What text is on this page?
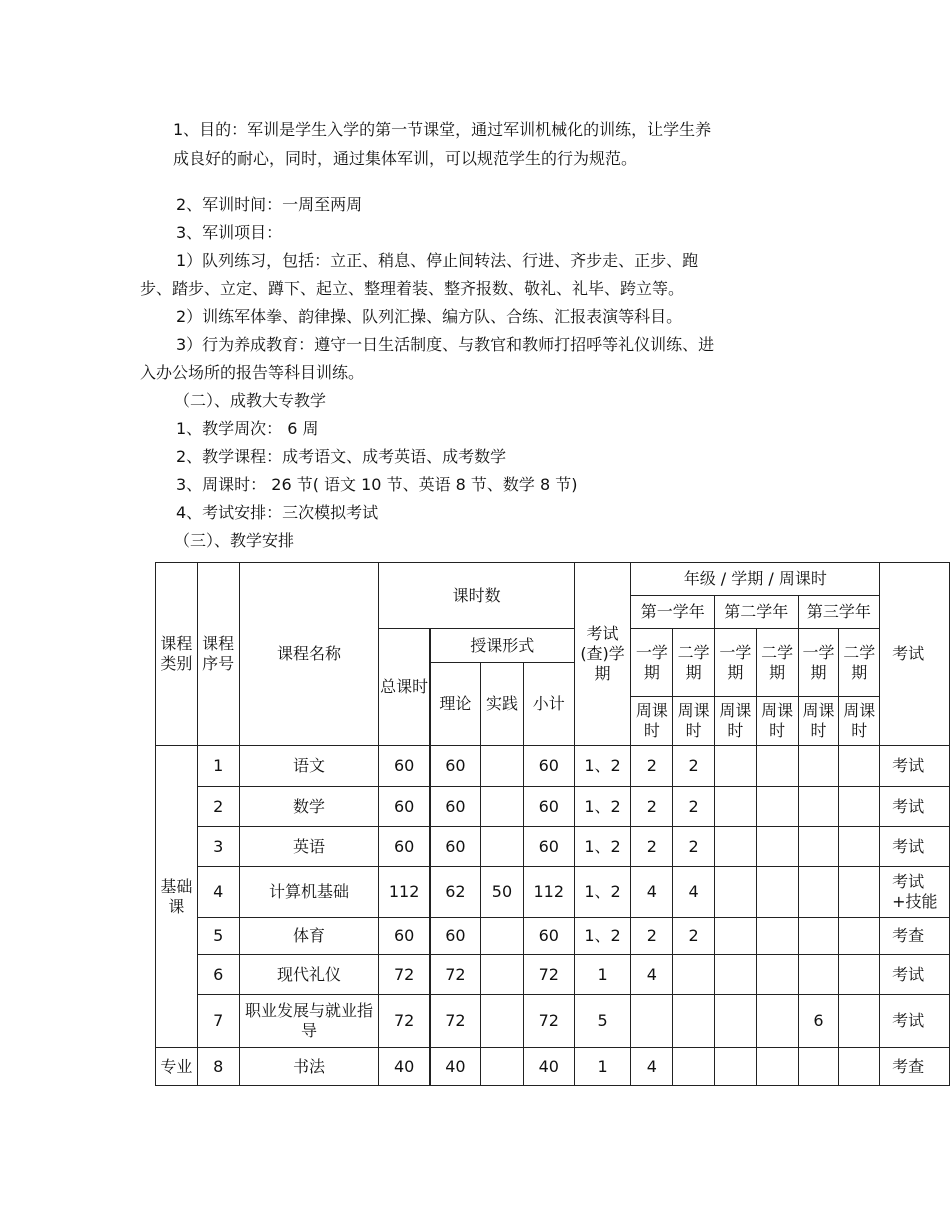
1、目的：军训是学生入学的第一节课堂，通过军训机械化的训练，让学生养
成良好的耐心，同时，通过集体军训，可以规范学生的行为规范。
2、军训时间：一周至两周
3、军训项目：
1）队列练习，包括：立正、稍息、停止间转法、行进、齐步走、正步、跑
步、踏步、立定、蹲下、起立、整理着装、整齐报数、敬礼、礼毕、跨立等。
2）训练军体拳、韵律操、队列汇操、编方队、合练、汇报表演等科目。
3）行为养成教育：遵守一日生活制度、与教官和教师打招呼等礼仪训练、进
入办公场所的报告等科目训练。
（二）、成教大专教学
1、教学周次： 6 周
2、教学课程：成考语文、成考英语、成考数学
3、周课时： 26 节( 语文 10 节、英语 8 节、数学 8 节)
4、考试安排：三次模拟考试
（三）、教学安排
课程类别	课程序号	课程名称	课时数				考试(查)学期	年级 / 学期 / 周课时						考试
								第一学年		第二学年		第三学年		
			总课时	授课形式				一学期	二学期	一学期	二学期	一学期	二学期	
				理论	实践	小计								
								周课时	周课时	周课时	周课时	周课时	周课时	
基础课	1	语文	60	60		60	1、2	2	2					考试
	2	数学	60	60		60	1、2	2	2					考试
	3	英语	60	60		60	1、2	2	2					考试
	4	计算机基础	112	62	50	112	1、2	4	4					考试+技能
	5	体育	60	60		60	1、2	2	2					考查
	6	现代礼仪	72	72		72	1	4						考试
	7	职业发展与就业指导	72	72		72	5					6		考试
专业	8	书法	40	40		40	1	4						考查
